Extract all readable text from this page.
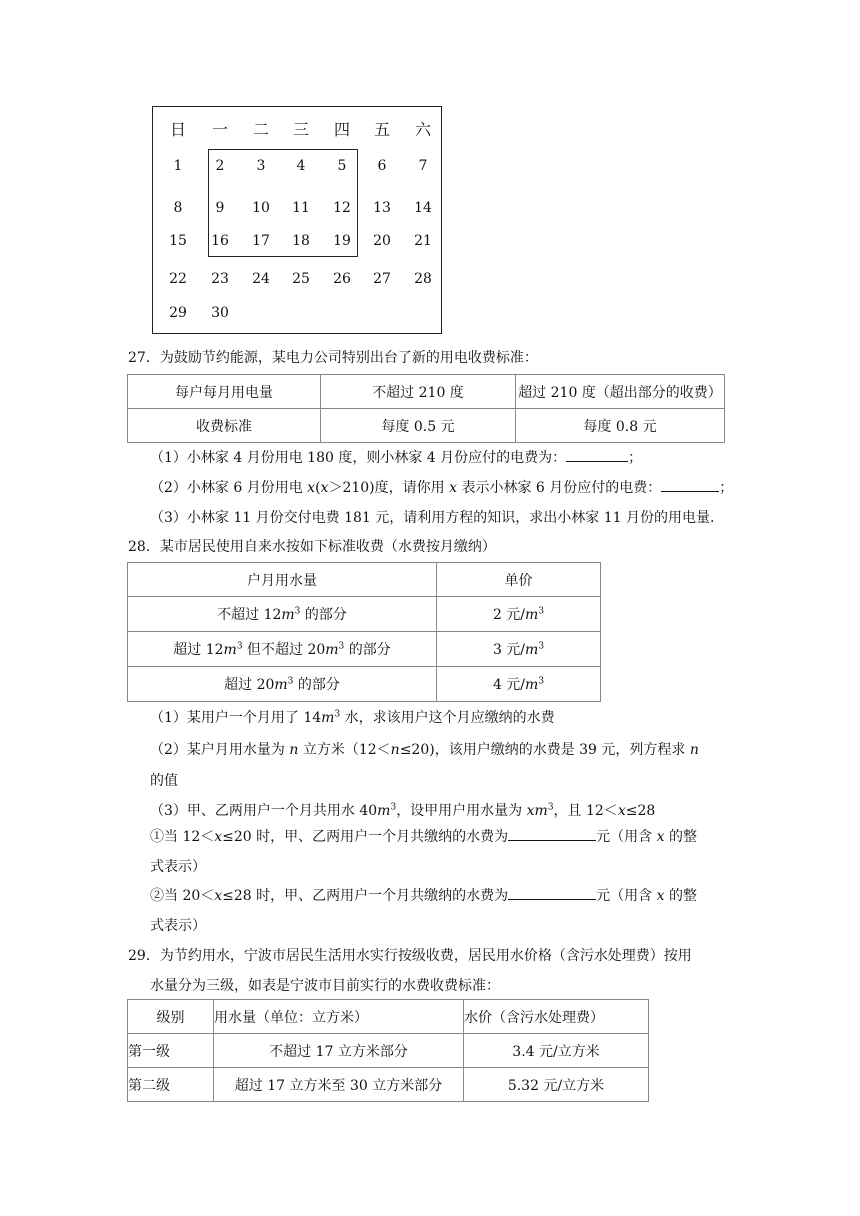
日	一	二	三	四	五	六
1	2	3	4	5	6	7
8	9	10	11	12	13	14
15	16	17	18	19	20	21
22	23	24	25	26	27	28
29	30
27．为鼓励节约能源，某电力公司特别出台了新的用电收费标准：
每户每月用电量	不超过 210 度	超过 210 度（超出部分的收费）
收费标准	每度 0.5 元	每度 0.8 元
（1）小林家 4 月份用电 180 度，则小林家 4 月份应付的电费为：	；
（2）小林家 6 月份用电 x(x＞210)度，请你用 x 表示小林家 6 月份应付的电费：	；
（3）小林家 11 月份交付电费 181 元，请利用方程的知识，求出小林家 11 月份的用电量.
28．某市居民使用自来水按如下标准收费（水费按月缴纳）
户月用水量	单价
不超过 $12m^3$ 的部分	2 元$/m^3$
超过 $12m^3$ 但不超过 $20m^3$ 的部分	3 元$/m^3$
超过 $20m^3$ 的部分	4 元$/m^3$
（1）某用户一个月用了 $14m^3$ 水，求该用户这个月应缴纳的水费
（2）某户月用水量为 n 立方米（12＜n≤20)，该用户缴纳的水费是 39 元，列方程求 n
的值
（3）甲、乙两用户一个月共用水 $40m^3$，设甲用户用水量为 $xm^3$，且 12＜x≤28
①当 12＜x≤20 时，甲、乙两用户一个月共缴纳的水费为	元（用含 x 的整
式表示）
②当 20＜x≤28 时，甲、乙两用户一个月共缴纳的水费为	元（用含 x 的整
式表示）
29．为节约用水，宁波市居民生活用水实行按级收费，居民用水价格（含污水处理费）按用
水量分为三级，如表是宁波市目前实行的水费收费标准：
级别	用水量（单位：立方米）	水价（含污水处理费）
第一级	不超过 17 立方米部分	3.4 元/立方米
第二级	超过 17 立方米至 30 立方米部分	5.32 元/立方米
